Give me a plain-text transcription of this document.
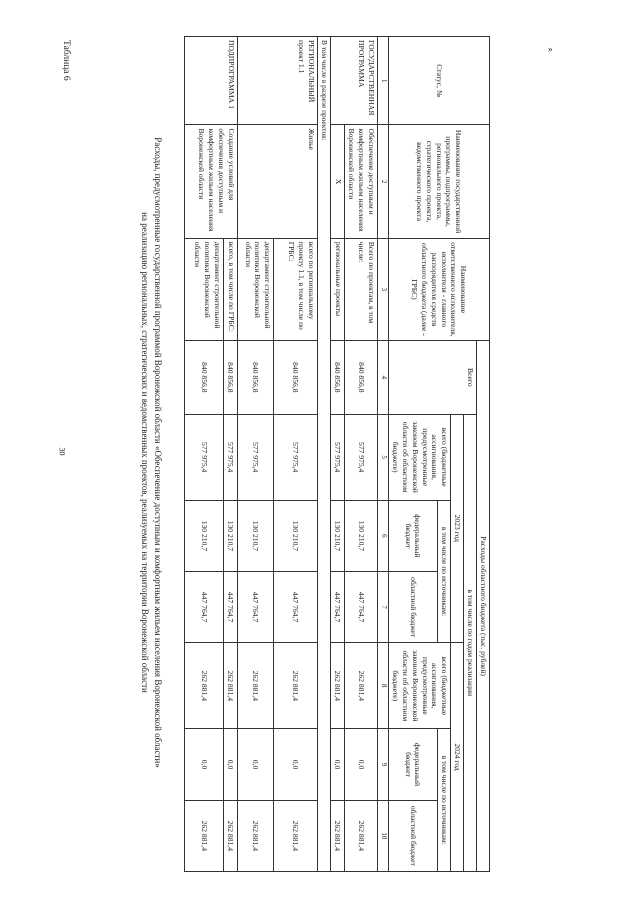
30
»
Таблица 6
Расходы, предусмотренные государственной программой Воронежской области «Обеспечение доступным и комфортным жильем населения Воронежской области»
на реализацию региональных, стратегических и ведомственных проектов, реализуемых на территории Воронежской области
Статус, №	Наименование государственной программы, подпрограммы, регионального проекта, стратегического проекта, ведомственного проекта	Наименование ответственного исполнителя, исполнителя - главного распорядителя средств областного бюджета (далее - ГРБС)	Расходы областного бюджета (тыс. рублей)						
			Всего	в том числе по годам реализации					
				2023 год			2024 год		
				всего (бюджетные ассигнования, предусмотренные законом Воронежской области об областном бюджете)	в том числе по источникам:		всего (бюджетные ассигнования, предусмотренные законом Воронежской области об областном бюджете)	в том числе по источникам:	
					федеральный бюджет	областной бюджет		федеральный бюджет	областной бюджет
1	2	3	4	5	6	7	8	9	10
ГОСУДАРСТВЕННАЯ ПРОГРАММА	Обеспечение доступным и комфортным жильем населения Воронежской области	Всего по проектам, в том числе:	840 856,8	577 975,4	130 210,7	447 764,7	262 881,4	0,0	262 881,4
	Х	региональные проекты	840 856,8	577 975,4	130 210,7	447 764,7	262 881,4	0,0	262 881,4
В том числе в разрезе проектов:									
РЕГИОНАЛЬНЫЙ проект 1.1	Жилье	всего по региональному проекту 1.1, в том числе по ГРБС:	840 856,8	577 975,4	130 210,7	447 764,7	262 881,4	0,0	262 881,4
		департамент строительной политики Воронежской области	840 856,8	577 975,4	130 210,7	447 764,7	262 881,4	0,0	262 881,4
ПОДПРОГРАММА 1	Создание условий для обеспечения доступным и комфортным жильем населения Воронежской области	всего, в том числе по ГРБС:	840 856,8	577 975,4	130 210,7	447 764,7	262 881,4	0,0	262 881,4
		департамент строительной политики Воронежской области	840 856,8	577 975,4	130 210,7	447 764,7	262 881,4	0,0	262 881,4
